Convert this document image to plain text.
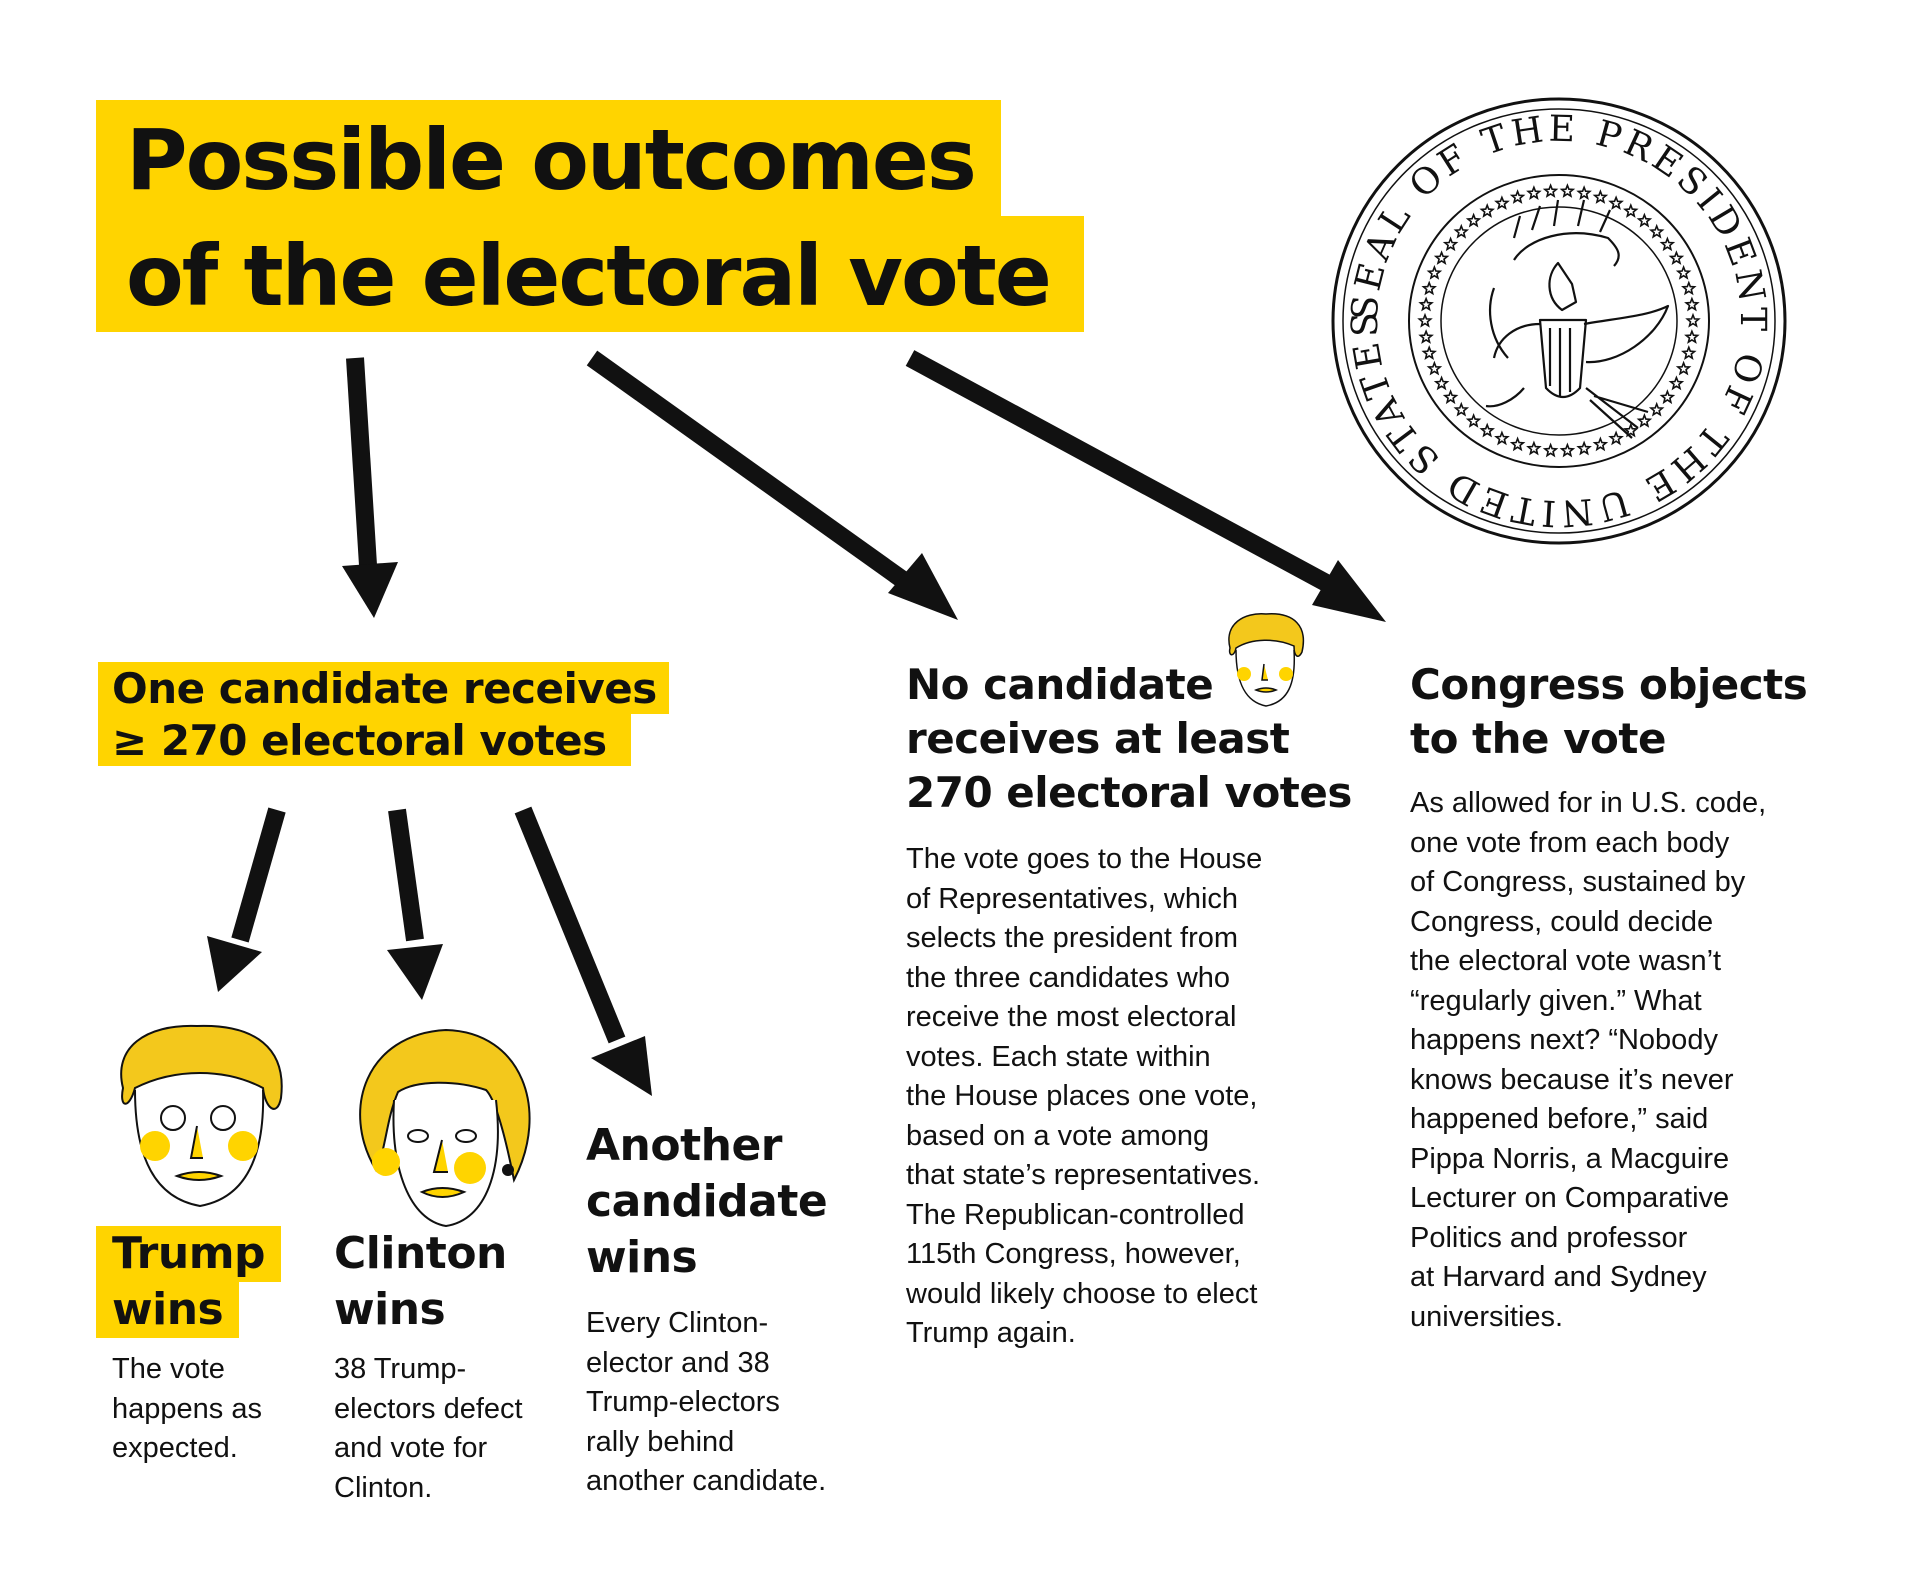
Possible outcomes
of the electoral vote	SEAL OF THE PRESIDENT OF THE UNITED STATES
One candidate receives
≥ 270 electoral votes
Trump
wins
The vote
happens as
expected.
Clinton
wins
38 Trump-
electors defect
and vote for
Clinton.
Another
candidate
wins
Every Clinton-
elector and 38
Trump-electors
rally behind
another candidate.
No candidate
receives at least
270 electoral votes
The vote goes to the House
of Representatives, which
selects the president from
the three candidates who
receive the most electoral
votes. Each state within
the House places one vote,
based on a vote among
that state’s representatives.
The Republican-controlled
115th Congress, however,
would likely choose to elect
Trump again.
Congress objects
to the vote
As allowed for in U.S. code,
one vote from each body
of Congress, sustained by
Congress, could decide
the electoral vote wasn’t
“regularly given.” What
happens next? “Nobody
knows because it’s never
happened before,” said
Pippa Norris, a Macguire
Lecturer on Comparative
Politics and professor
at Harvard and Sydney
universities.
